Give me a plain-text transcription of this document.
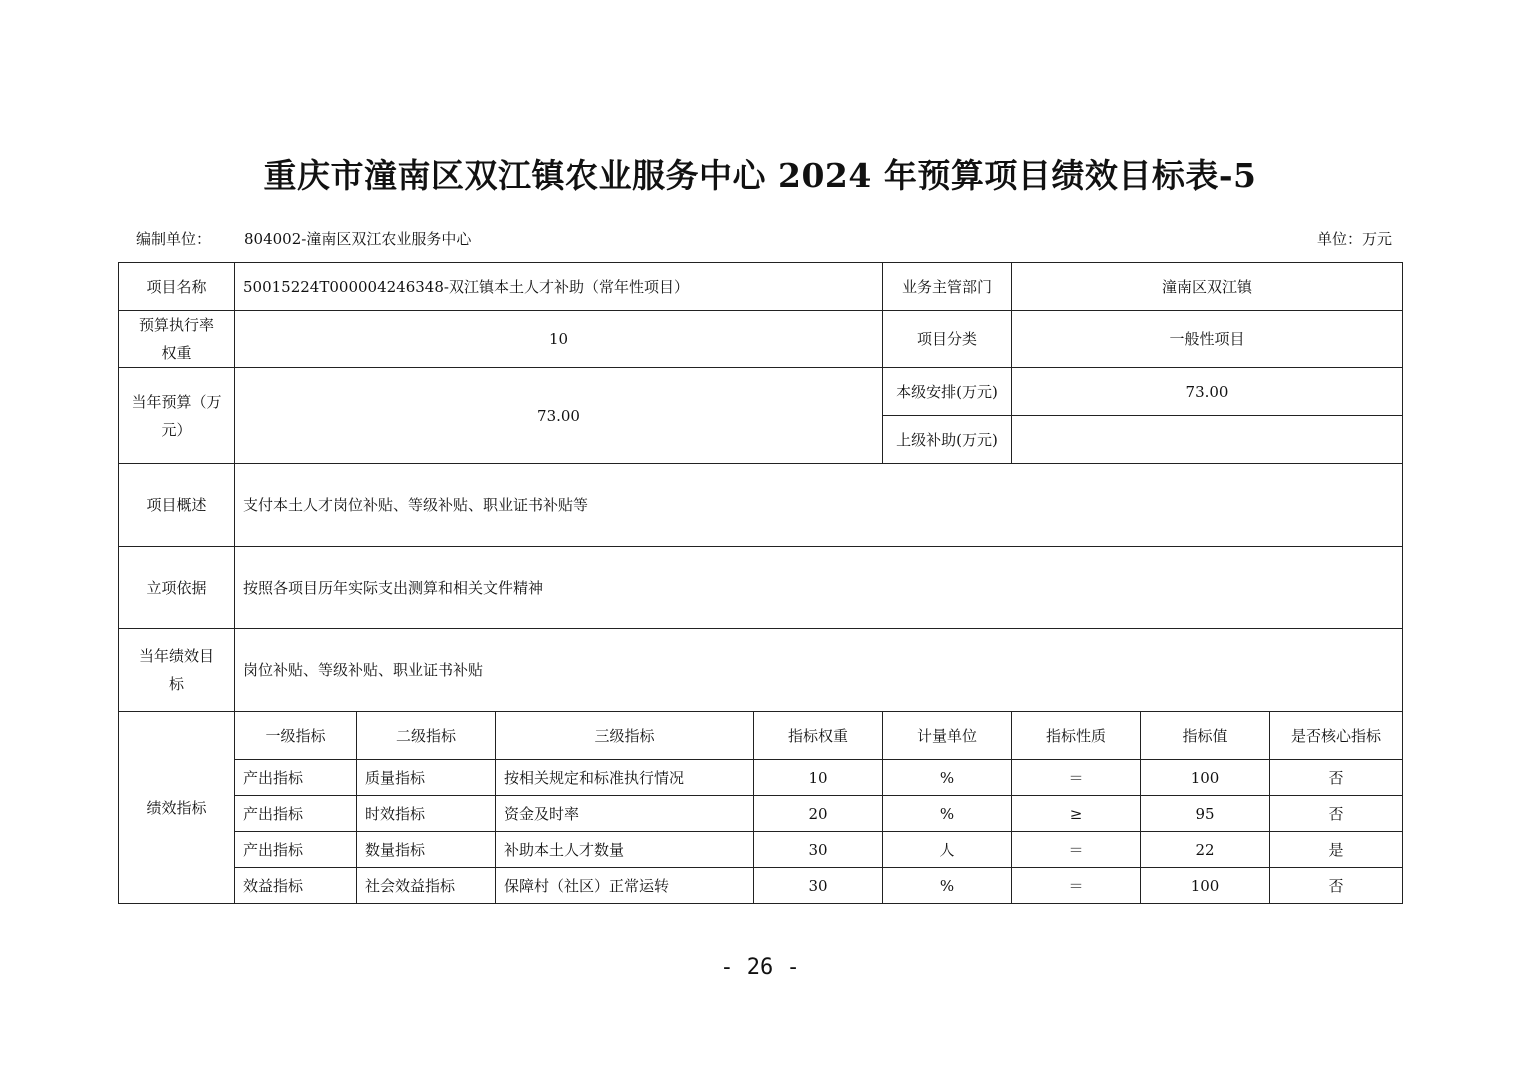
重庆市潼南区双江镇农业服务中心 2024 年预算项目绩效目标表-5
编制单位： 804002-潼南区双江农业服务中心	单位：万元
项目名称	50015224T000004246348-双江镇本土人才补助（常年性项目）				业务主管部门	潼南区双江镇		

预算执行率
权重	10				项目分类	一般性项目		

当年预算（万
元）	73.00				本级安排(万元)	73.00		
					上级补助(万元)			
项目概述	支付本土人才岗位补贴、等级补贴、职业证书补贴等							
立项依据	按照各项目历年实际支出测算和相关文件精神							

当年绩效目
标	岗位补贴、等级补贴、职业证书补贴							
绩效指标	一级指标	二级指标	三级指标	指标权重	计量单位	指标性质	指标值	是否核心指标
	产出指标	质量指标	按相关规定和标准执行情况	10	%	＝	100	否
	产出指标	时效指标	资金及时率	20	%	≥	95	否
	产出指标	数量指标	补助本土人才数量	30	人	＝	22	是
	效益指标	社会效益指标	保障村（社区）正常运转	30	%	＝	100	否
- 26 -
